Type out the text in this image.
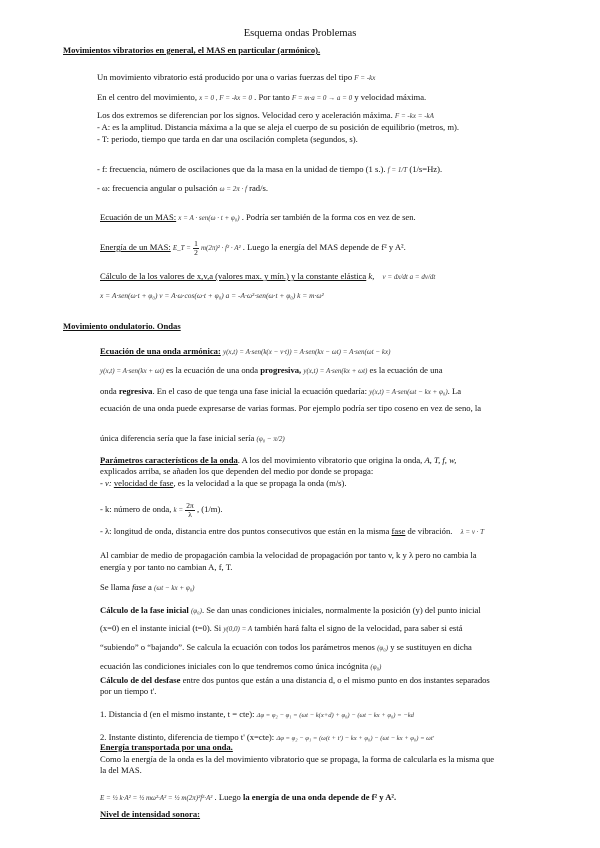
Esquema ondas Problemas
Movimientos vibratorios en general, el MAS en particular (armónico).
Un movimiento vibratorio está producido por una o varias fuerzas del tipo F = -kx
En el centro del movimiento, x = 0 , F = -kx = 0 . Por tanto F = m·a = 0 → a = 0 y velocidad máxima.
Los dos extremos se diferencian por los signos. Velocidad cero y aceleración máxima. F = -kx = -kA
- A: es la amplitud. Distancia máxima a la que se aleja el cuerpo de su posición de equilibrio (metros, m).
- T: periodo, tiempo que tarda en dar una oscilación completa (segundos, s).
- f: frecuencia, número de oscilaciones que da la masa en la unidad de tiempo (1 s.). f = 1/T (1/s=Hz).
- ω: frecuencia angular o pulsación ω = 2π · f rad/s.
Ecuación de un MAS: x = A · sen(ω · t + φ₀) . Podría ser también de la forma cos en vez de sen.
Energía de un MAS: E_T = $\frac{1}{2} m(2\pi)^2 \cdot f^2 \cdot A^2$ . Luego la energía del MAS depende de f² y A².
Cálculo de la los valores de x,v,a (valores max. y mín.) y la constante elástica k, v = dx/dt a = dv/dt
x = A·sen(ω·t + φ₀) v = A·ω·cos(ω·t + φ₀) a = -A·ω²·sen(ω·t + φ₀) k = m·ω²
Movimiento ondulatorio. Ondas
Ecuación de una onda armónica: y(x,t) = A·sen(k(x − v·t)) = A·sen(kx − ωt) = A·sen(ωt − kx)
y(x,t) = A·sen(kx + ωt) es la ecuación de una onda progresiva, y(x,t) = A·sen(kx + ωt) es la ecuación de una
onda regresiva. En el caso de que tenga una fase inicial la ecuación quedaría: y(x,t) = A·sen(ωt − kx + φ₀). La
ecuación de una onda puede expresarse de varias formas. Por ejemplo podría ser tipo coseno en vez de seno, la
única diferencia sería que la fase inicial sería (φ₀ − π/2)
Parámetros característicos de la onda. A los del movimiento vibratorio que origina la onda, A, T, f, w,
explicados arriba, se añaden los que dependen del medio por donde se propaga:
- v: velocidad de fase, es la velocidad a la que se propaga la onda (m/s).
- k: número de onda, $k = \frac{2\pi}{\lambda}$ , (1/m).
- λ: longitud de onda, distancia entre dos puntos consecutivos que están en la misma fase de vibración. λ = v · T
Al cambiar de medio de propagación cambia la velocidad de propagación por tanto v, k y λ pero no cambia la
energía y por tanto no cambian A, f, T.
Se llama fase a (ωt − kx + φ₀)
Cálculo de la fase inicial (φ₀). Se dan unas condiciones iniciales, normalmente la posición (y) del punto inicial
(x=0) en el instante inicial (t=0). Si y(0,0) = A también hará falta el signo de la velocidad, para saber si está
“subiendo” o “bajando”. Se calcula la ecuación con todos los parámetros menos (φ₀) y se sustituyen en dicha
ecuación las condiciones iniciales con lo que tendremos como única incógnita (φ₀)
Cálculo de del desfase entre dos puntos que están a una distancia d, o el mismo punto en dos instantes separados
por un tiempo t'.
1. Distancia d (en el mismo instante, t = cte): Δφ = φ₂ − φ₁ = (ωt − k(x+d) + φ₀) − (ωt − kx + φ₀) = −kd
2. Instante distinto, diferencia de tiempo t' (x=cte): Δφ = φ₂ − φ₁ = (ω(t + t') − kx + φ₀) − (ωt − kx + φ₀) = ωt'
Energía transportada por una onda.
Como la energía de la onda es la del movimiento vibratorio que se propaga, la forma de calcularla es la misma que
la del MAS.
E = ½ k·A² = ½ mω²·A² = ½ m(2π)²f²·A² . Luego la energía de una onda depende de f² y A².
Nivel de intensidad sonora:
